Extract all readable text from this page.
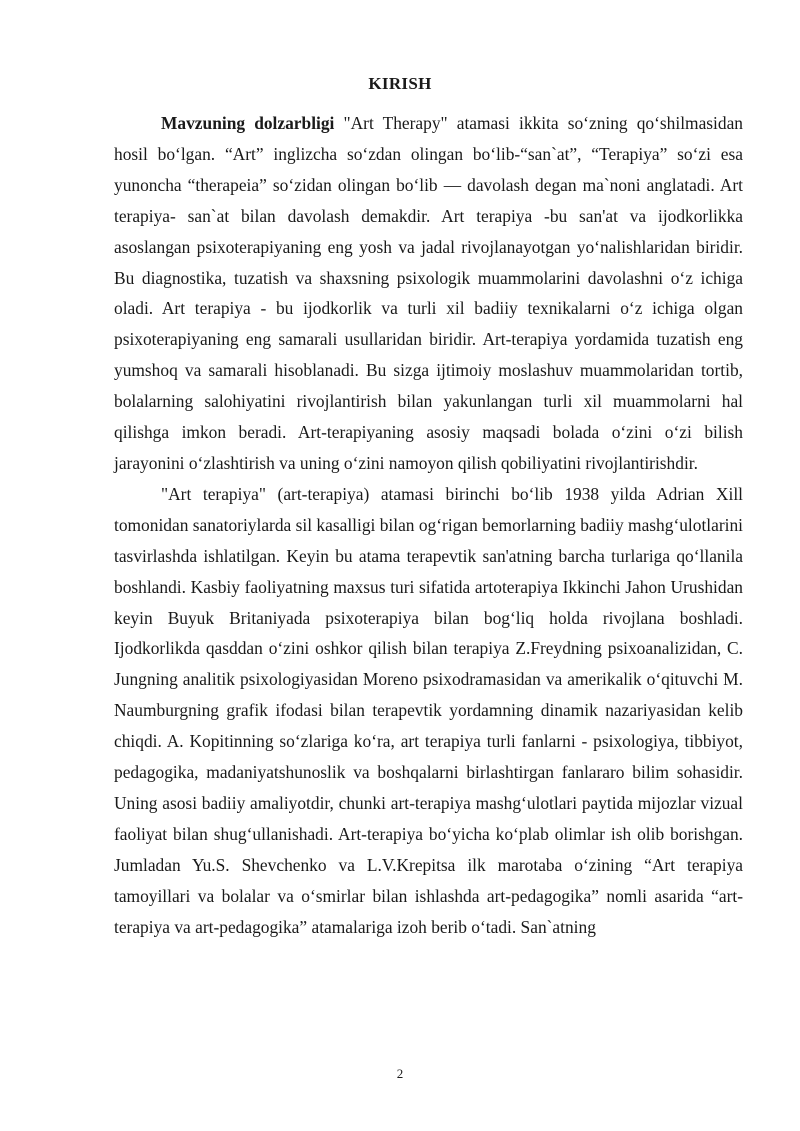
KIRISH

Mavzuning dolzarbligi "Art Therapy" atamasi ikkita so‘zning qo‘shilmasidan hosil bo‘lgan. “Art” inglizcha so‘zdan olingan bo‘lib-“san`at”, “Terapiya” so‘zi esa yunoncha “therapeia” so‘zidan olingan bo‘lib — davolash degan ma`noni anglatadi. Art terapiya- san`at bilan davolash demakdir. Art terapiya -bu san'at va ijodkorlikka asoslangan psixoterapiyaning eng yosh va jadal rivojlanayotgan yo‘nalishlaridan biridir. Bu diagnostika, tuzatish va shaxsning psixologik muammolarini davolashni o‘z ichiga oladi. Art terapiya - bu ijodkorlik va turli xil badiiy texnikalarni o‘z ichiga olgan psixoterapiyaning eng samarali usullaridan biridir. Art-terapiya yordamida tuzatish eng yumshoq va samarali hisoblanadi. Bu sizga ijtimoiy moslashuv muammolaridan tortib, bolalarning salohiyatini rivojlantirish bilan yakunlangan turli xil muammolarni hal qilishga imkon beradi. Art-terapiyaning asosiy maqsadi bolada o‘zini o‘zi bilish jarayonini o‘zlashtirish va uning o‘zini namoyon qilish qobiliyatini rivojlantirishdir.

"Art terapiya" (art-terapiya) atamasi birinchi bo‘lib 1938 yilda Adrian Xill tomonidan sanatoriylarda sil kasalligi bilan og‘rigan bemorlarning badiiy mashg‘ulotlarini tasvirlashda ishlatilgan. Keyin bu atama terapevtik san'atning barcha turlariga qo‘llanila boshlandi. Kasbiy faoliyatning maxsus turi sifatida artoterapiya Ikkinchi Jahon Urushidan keyin Buyuk Britaniyada psixoterapiya bilan bog‘liq holda rivojlana boshladi. Ijodkorlikda qasddan o‘zini oshkor qilish bilan terapiya Z.Freydning psixoanalizidan, C. Jungning analitik psixologiyasidan Moreno psixodramasidan va amerikalik o‘qituvchi M. Naumburgning grafik ifodasi bilan terapevtik yordamning dinamik nazariyasidan kelib chiqdi. A. Kopitinning so‘zlariga ko‘ra, art terapiya turli fanlarni - psixologiya, tibbiyot, pedagogika, madaniyatshunoslik va boshqalarni birlashtirgan fanlararo bilim sohasidir. Uning asosi badiiy amaliyotdir, chunki art-terapiya mashg‘ulotlari paytida mijozlar vizual faoliyat bilan shug‘ullanishadi. Art-terapiya bo‘yicha ko‘plab olimlar ish olib borishgan. Jumladan Yu.S. Shevchenko va L.V.Krepitsa ilk marotaba o‘zining “Art terapiya tamoyillari va bolalar va o‘smirlar bilan ishlashda art-pedagogika” nomli asarida “art-terapiya va art-pedagogika” atamalariga izoh berib o‘tadi. San`atning

2
